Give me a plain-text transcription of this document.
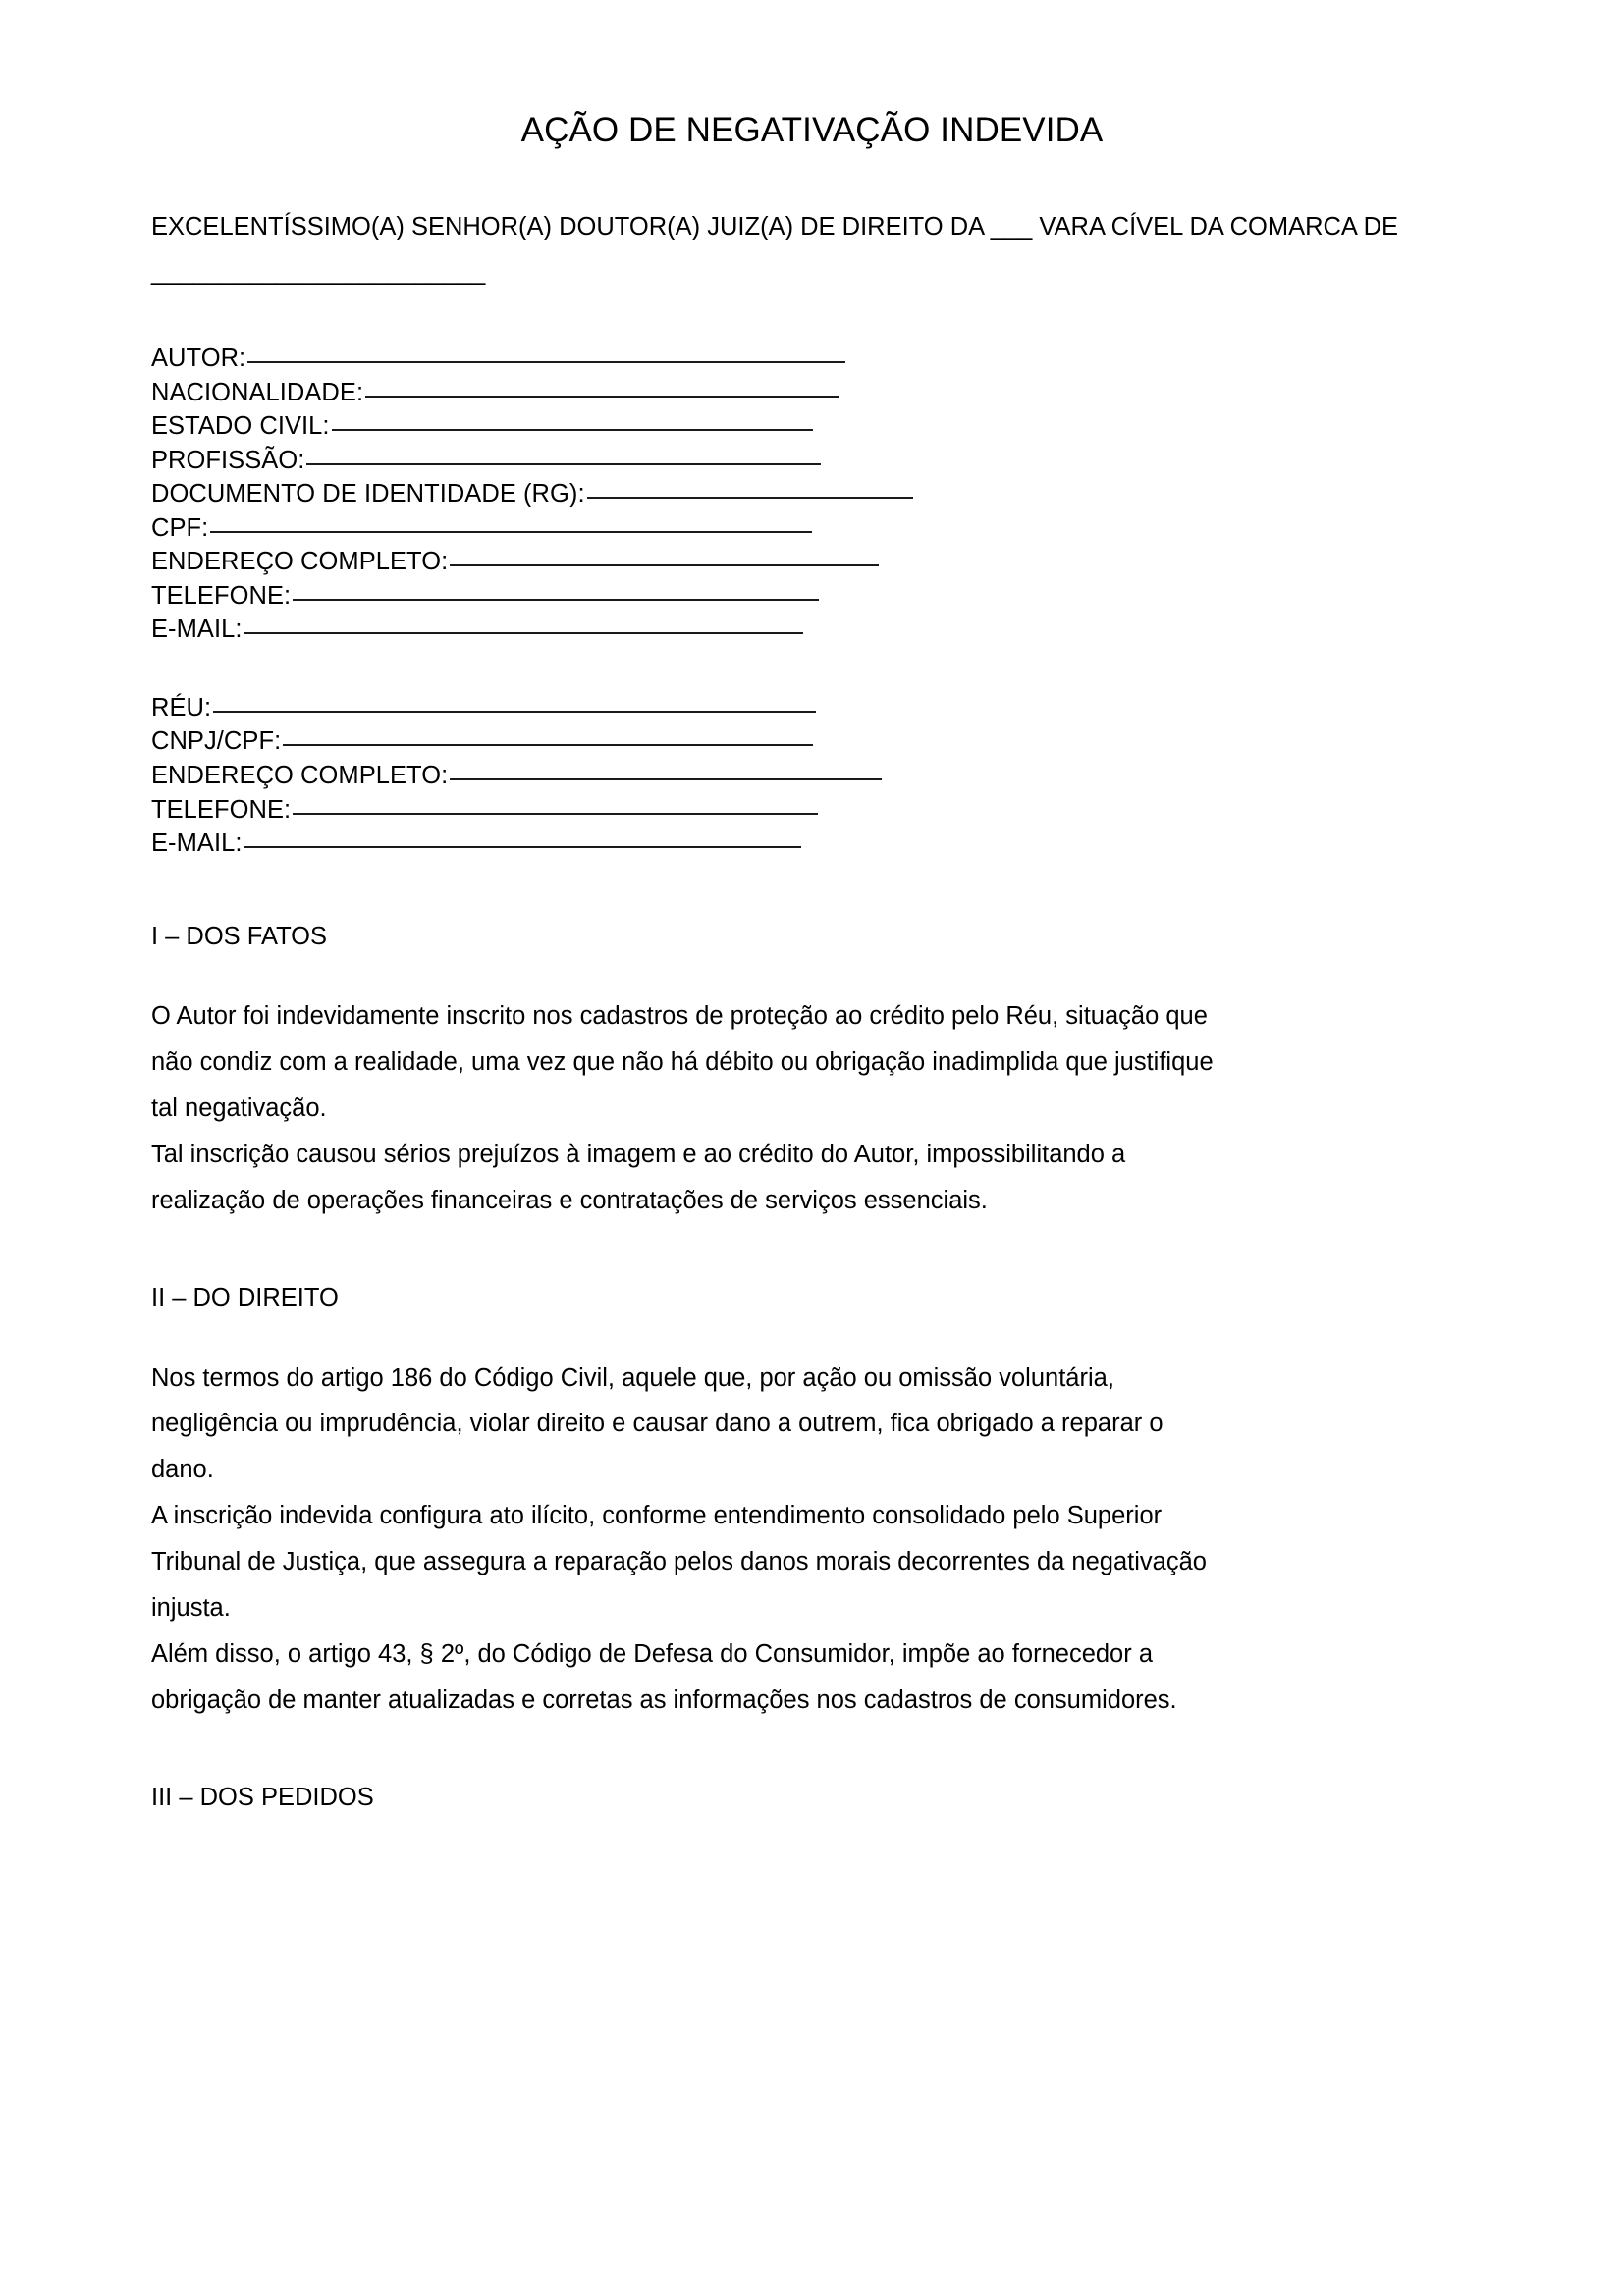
AÇÃO DE NEGATIVAÇÃO INDEVIDA
EXCELENTÍSSIMO(A) SENHOR(A) DOUTOR(A) JUIZ(A) DE DIREITO DA ___ VARA CÍVEL DA COMARCA DE
________________________
AUTOR:
NACIONALIDADE:
ESTADO CIVIL:
PROFISSÃO:
DOCUMENTO DE IDENTIDADE (RG):
CPF:
ENDEREÇO COMPLETO:
TELEFONE:
E-MAIL:
RÉU:
CNPJ/CPF:
ENDEREÇO COMPLETO:
TELEFONE:
E-MAIL:
I – DOS FATOS
O Autor foi indevidamente inscrito nos cadastros de proteção ao crédito pelo Réu, situação que
não condiz com a realidade, uma vez que não há débito ou obrigação inadimplida que justifique
tal negativação.
Tal inscrição causou sérios prejuízos à imagem e ao crédito do Autor, impossibilitando a
realização de operações financeiras e contratações de serviços essenciais.
II – DO DIREITO
Nos termos do artigo 186 do Código Civil, aquele que, por ação ou omissão voluntária,
negligência ou imprudência, violar direito e causar dano a outrem, fica obrigado a reparar o
dano.
A inscrição indevida configura ato ilícito, conforme entendimento consolidado pelo Superior
Tribunal de Justiça, que assegura a reparação pelos danos morais decorrentes da negativação
injusta.
Além disso, o artigo 43, § 2º, do Código de Defesa do Consumidor, impõe ao fornecedor a
obrigação de manter atualizadas e corretas as informações nos cadastros de consumidores.
III – DOS PEDIDOS
